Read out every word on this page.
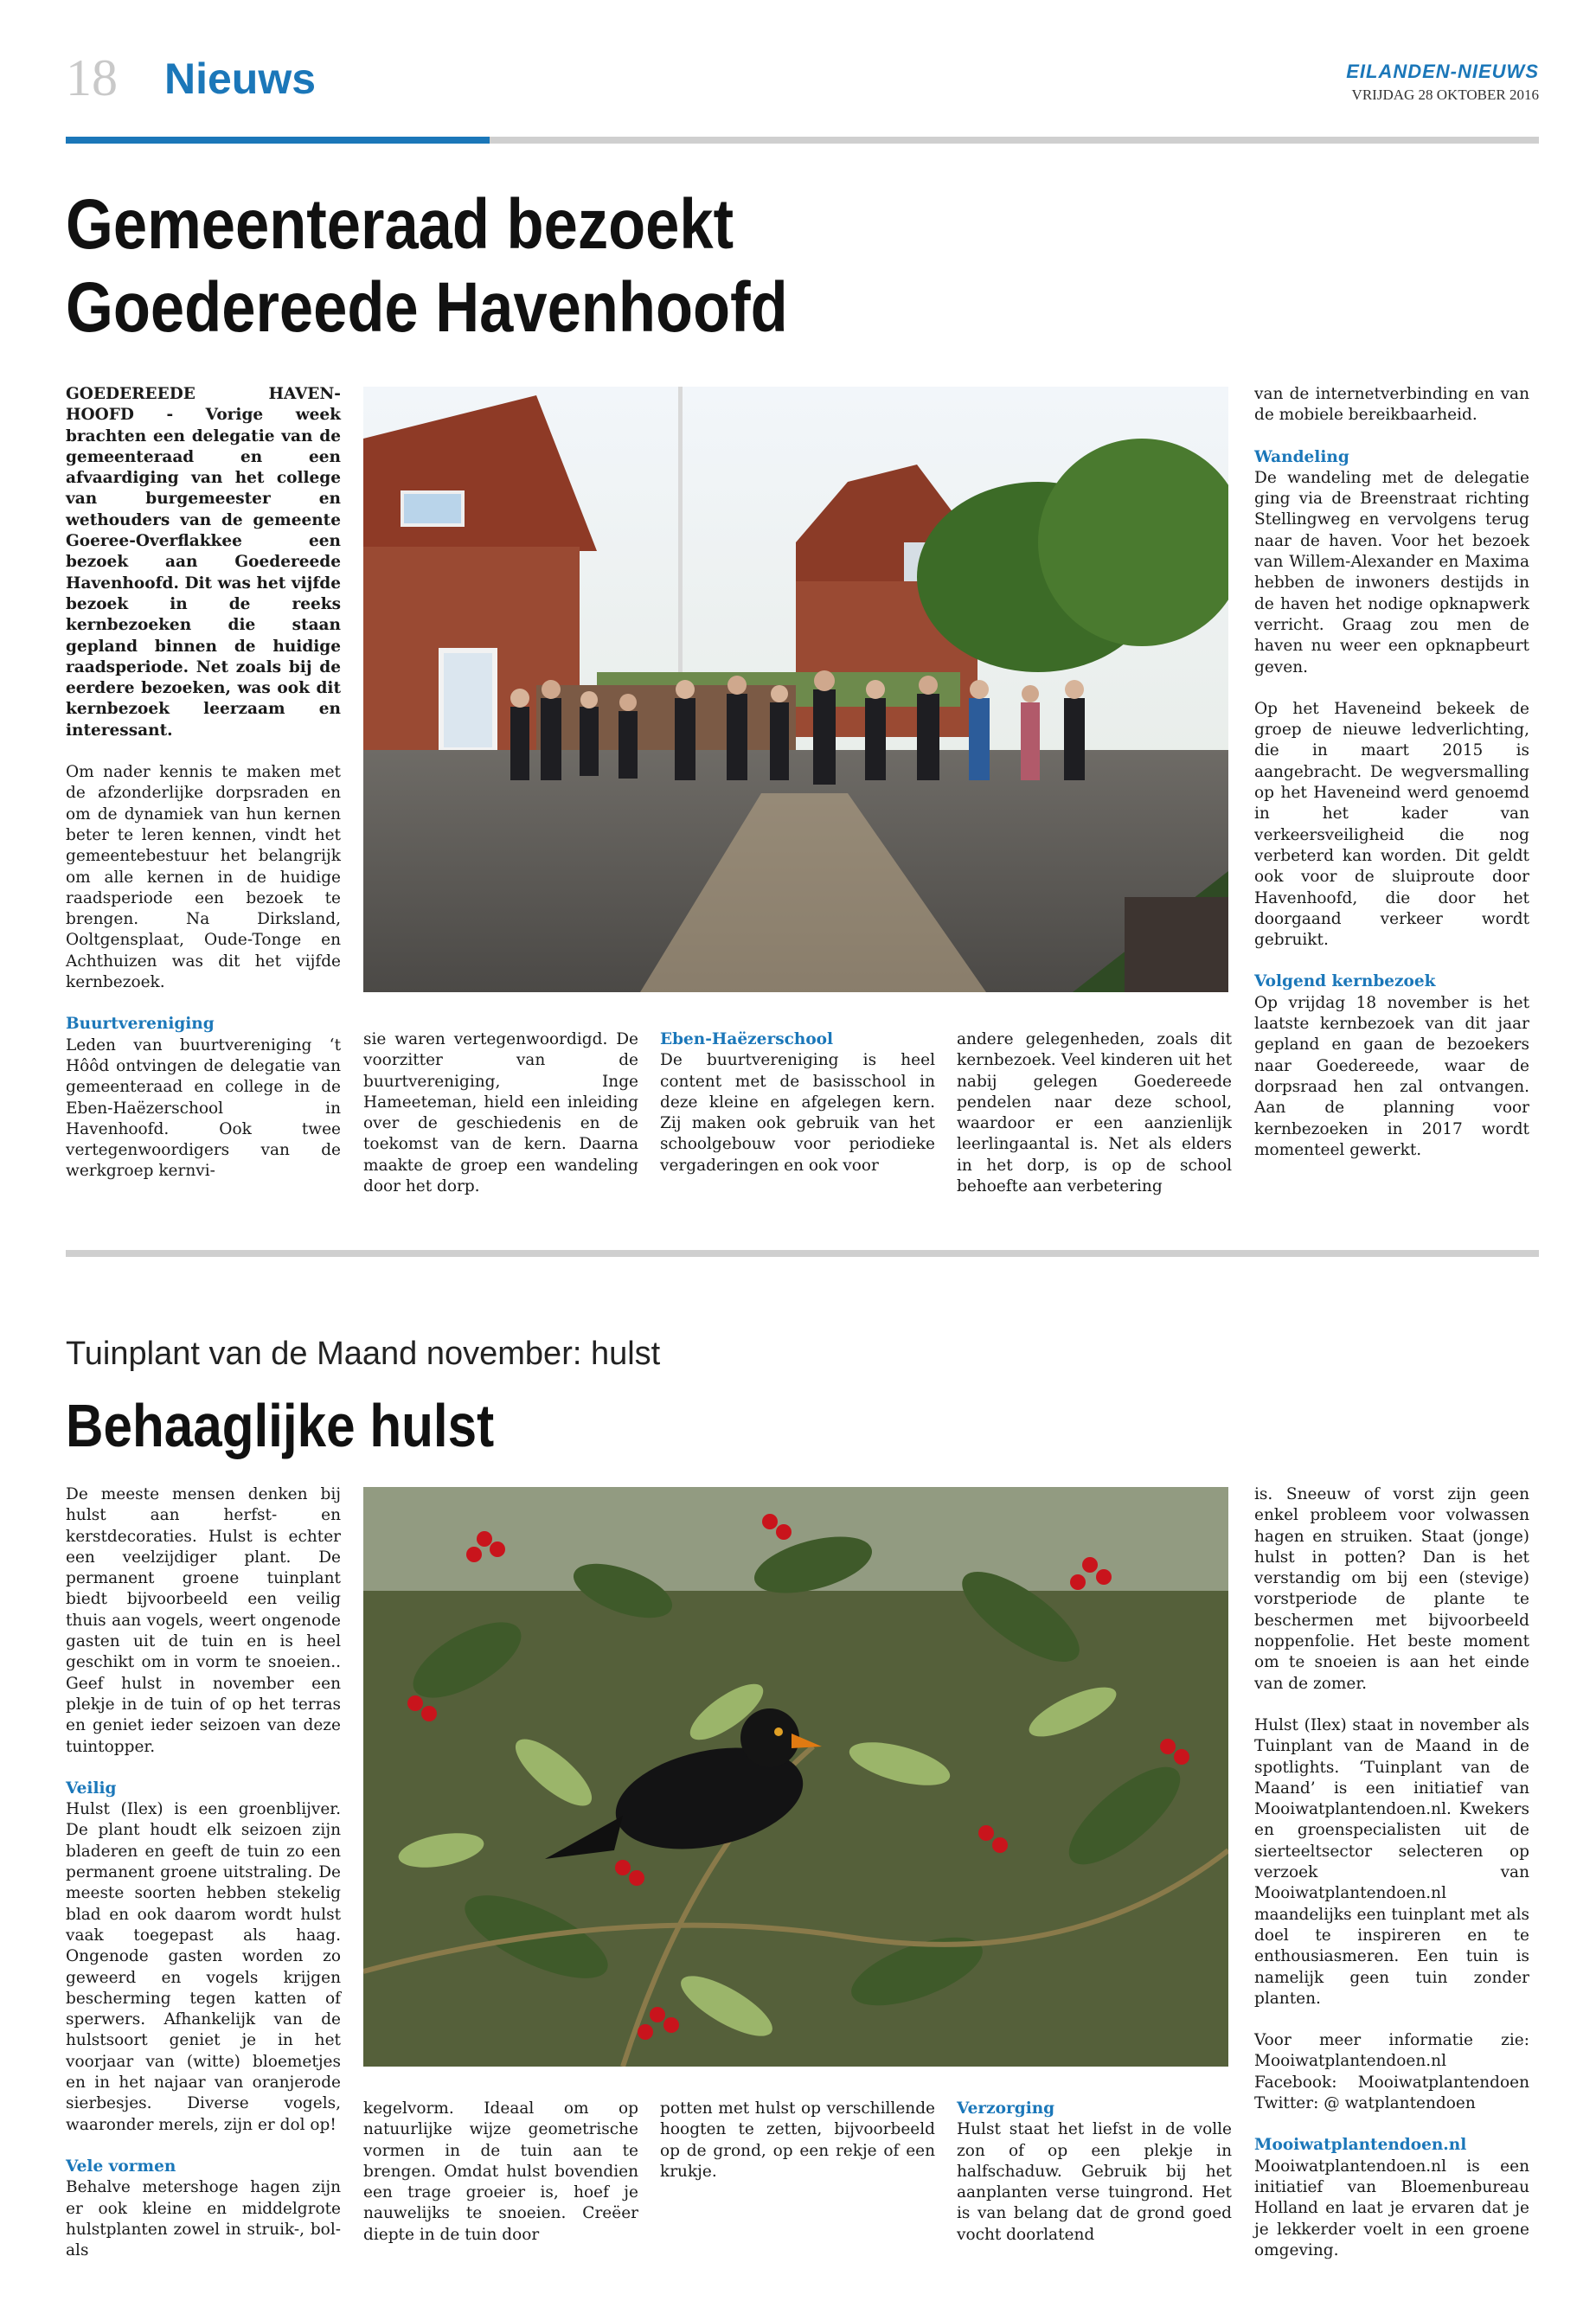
18 Nieuws	EILANDEN-NIEUWS
VRIJDAG 28 OKTOBER 2016
Gemeenteraad bezoekt
Goedereede Havenhoofd

GOEDEREEDE HAVEN-HOOFD - Vorige week brachten een delegatie van de gemeenteraad en een afvaardiging van het college van burgemeester en wethouders van de gemeente Goeree-Overflakkee een bezoek aan Goedereede Havenhoofd. Dit was het vijfde bezoek in de reeks kernbezoeken die staan gepland binnen de huidige raadsperiode. Net zoals bij de eerdere bezoeken, was ook dit kernbezoek leerzaam en interessant.

Om nader kennis te maken met de afzonderlijke dorpsraden en om de dynamiek van hun kernen beter te leren kennen, vindt het gemeentebestuur het belangrijk om alle kernen in de huidige raadsperiode een bezoek te brengen. Na Dirksland, Ooltgensplaat, Oude-Tonge en Achthuizen was dit het vijfde kernbezoek.

Buurtvereniging

Leden van buurtvereniging ‘t Hôôd ontvingen de delegatie van gemeenteraad en college in de Eben-Haëzerschool in Havenhoofd. Ook twee vertegenwoordigers van de werkgroep kernvi-

sie waren vertegenwoordigd. De voorzitter van de buurtvereniging, Inge Hameeteman, hield een inleiding over de geschiedenis en de toekomst van de kern. Daarna maakte de groep een wandeling door het dorp.

Eben-Haëzerschool

De buurtvereniging is heel content met de basisschool in deze kleine en afgelegen kern. Zij maken ook gebruik van het schoolgebouw voor periodieke vergaderingen en ook voor

andere gelegenheden, zoals dit kernbezoek. Veel kinderen uit het nabij gelegen Goedereede pendelen naar deze school, waardoor er een aanzienlijk leerlingaantal is. Net als elders in het dorp, is op de school behoefte aan verbetering

van de internetverbinding en van de mobiele bereikbaarheid.

Wandeling

De wandeling met de delegatie ging via de Breenstraat richting Stellingweg en vervolgens terug naar de haven. Voor het bezoek van Willem-Alexander en Maxima hebben de inwoners destijds in de haven het nodige opknapwerk verricht. Graag zou men de haven nu weer een opknapbeurt geven.

Op het Haveneind bekeek de groep de nieuwe ledverlichting, die in maart 2015 is aangebracht. De wegversmalling op het Haveneind werd genoemd in het kader van verkeersveiligheid die nog verbeterd kan worden. Dit geldt ook voor de sluiproute door Havenhoofd, die door het doorgaand verkeer wordt gebruikt.

Volgend kernbezoek

Op vrijdag 18 november is het laatste kernbezoek van dit jaar gepland en gaan de bezoekers naar Goedereede, waar de dorpsraad hen zal ontvangen. Aan de planning voor kernbezoeken in 2017 wordt momenteel gewerkt.

Tuinplant van de Maand november: hulst
Behaaglijke hulst

De meeste mensen denken bij hulst aan herfst- en kerstdecoraties. Hulst is echter een veelzijdiger plant. De permanent groene tuinplant biedt bijvoorbeeld een veilig thuis aan vogels, weert ongenode gasten uit de tuin en is heel geschikt om in vorm te snoeien.. Geef hulst in november een plekje in de tuin of op het terras en geniet ieder seizoen van deze tuintopper.

Veilig

Hulst (Ilex) is een groenblijver. De plant houdt elk seizoen zijn bladeren en geeft de tuin zo een permanent groene uitstraling. De meeste soorten hebben stekelig blad en ook daarom wordt hulst vaak toegepast als haag. Ongenode gasten worden zo geweerd en vogels krijgen bescherming tegen katten of sperwers. Afhankelijk van de hulstsoort geniet je in het voorjaar van (witte) bloemetjes en in het najaar van oranjerode sierbesjes. Diverse vogels, waaronder merels, zijn er dol op!

Vele vormen

Behalve metershoge hagen zijn er ook kleine en middelgrote hulstplanten zowel in struik-, bol- als

kegelvorm. Ideaal om op natuurlijke wijze geometrische vormen in de tuin aan te brengen. Omdat hulst bovendien een trage groeier is, hoef je nauwelijks te snoeien. Creëer diepte in de tuin door

potten met hulst op verschillende hoogten te zetten, bijvoorbeeld op de grond, op een rekje of een krukje.

Verzorging

Hulst staat het liefst in de volle zon of op een plekje in halfschaduw. Gebruik bij het aanplanten verse tuingrond. Het is van belang dat de grond goed vocht doorlatend

is. Sneeuw of vorst zijn geen enkel probleem voor volwassen hagen en struiken. Staat (jonge) hulst in potten? Dan is het verstandig om bij een (stevige) vorstperiode de plante te beschermen met bijvoorbeeld noppenfolie. Het beste moment om te snoeien is aan het einde van de zomer.

Hulst (Ilex) staat in november als Tuinplant van de Maand in de spotlights. ‘Tuinplant van de Maand’ is een initiatief van Mooiwatplantendoen.nl. Kwekers en groenspecialisten uit de sierteeltsector selecteren op verzoek van Mooiwatplantendoen.nl maandelijks een tuinplant met als doel te inspireren en te enthousiasmeren. Een tuin is namelijk geen tuin zonder planten.

Voor meer informatie zie: Mooiwatplantendoen.nl Facebook: Mooiwatplantendoen Twitter: @ watplantendoen

Mooiwatplantendoen.nl

Mooiwatplantendoen.nl is een initiatief van Bloemenbureau Holland en laat je ervaren dat je je lekkerder voelt in een groene omgeving.
